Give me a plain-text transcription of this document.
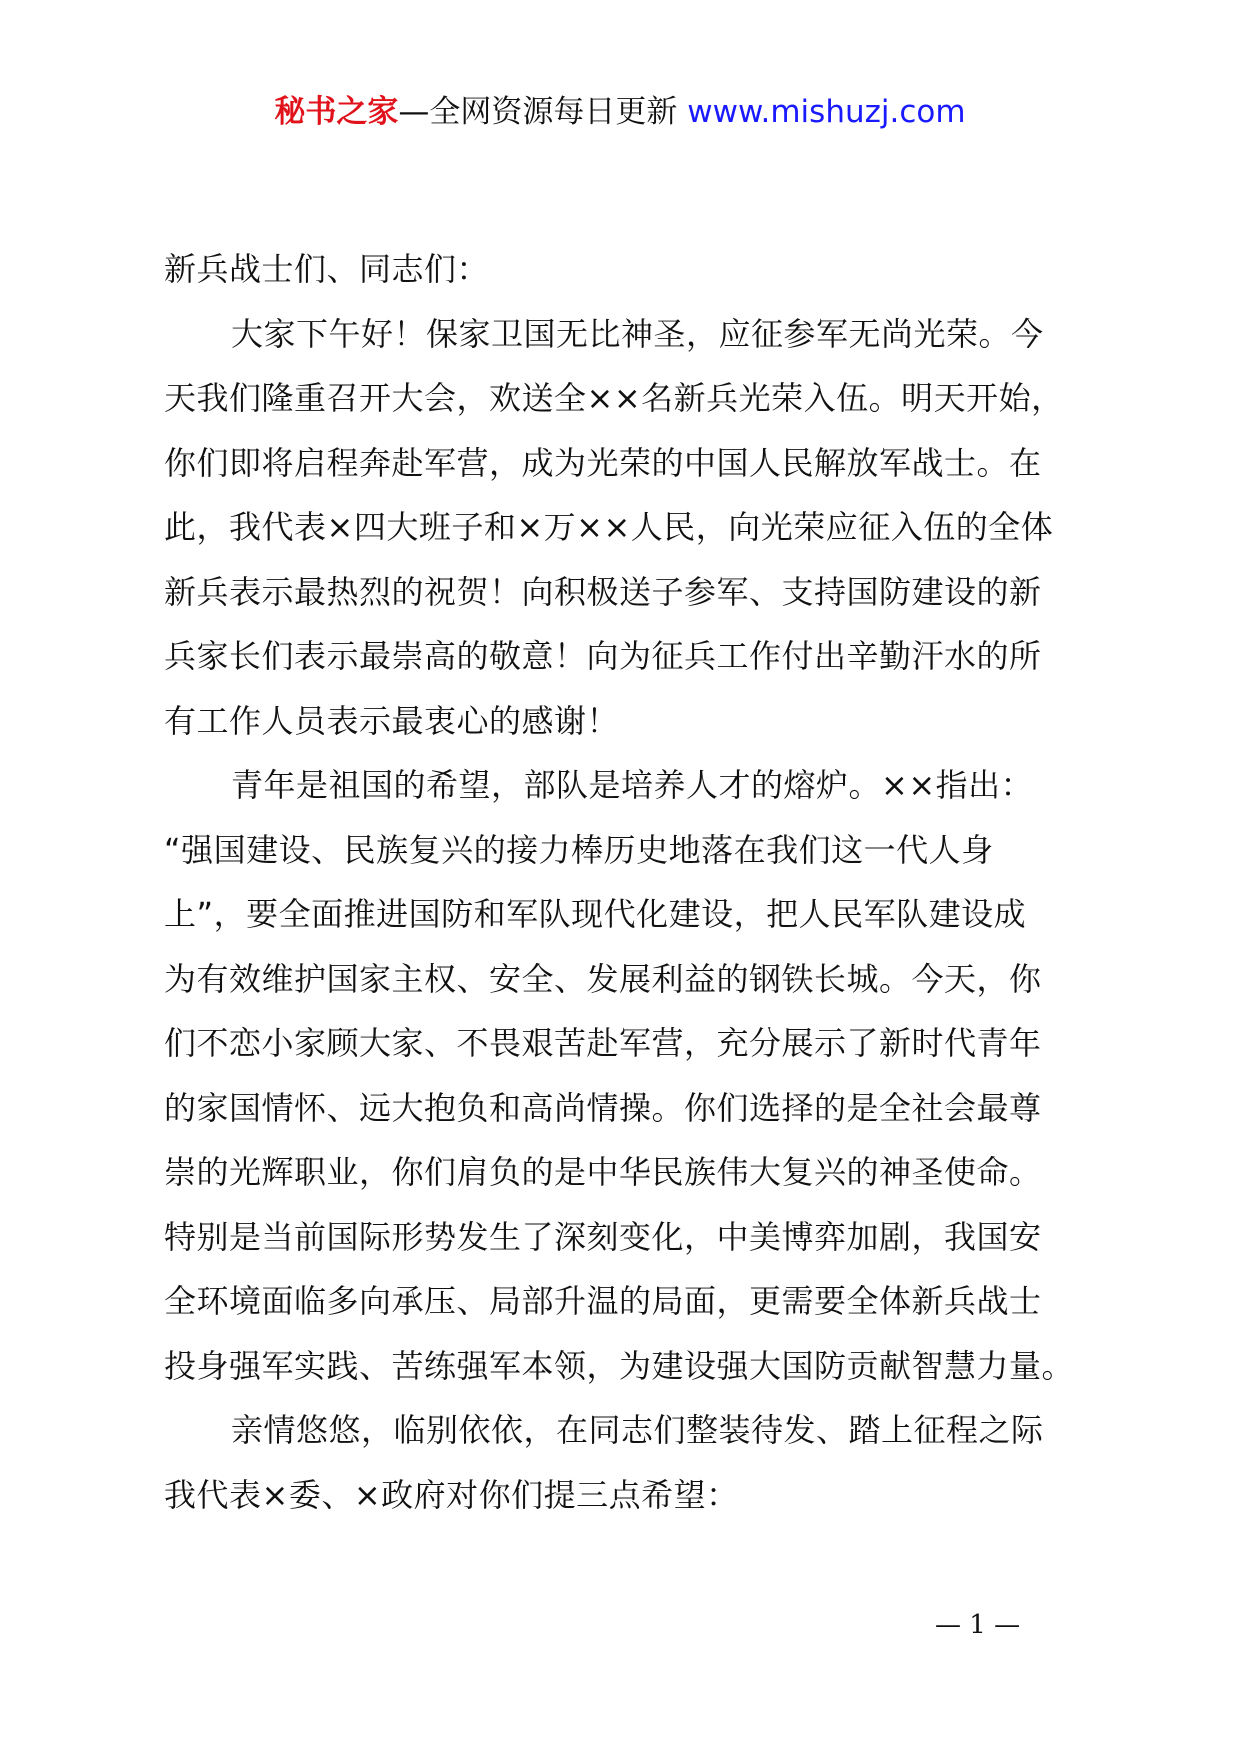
秘书之家—全网资源每日更新 www.mishuzj.com
新兵战士们、同志们：
大家下午好！保家卫国无比神圣，应征参军无尚光荣。今
天我们隆重召开大会，欢送全××名新兵光荣入伍。明天开始，
你们即将启程奔赴军营，成为光荣的中国人民解放军战士。在
此，我代表×四大班子和×万××人民，向光荣应征入伍的全体
新兵表示最热烈的祝贺！向积极送子参军、支持国防建设的新
兵家长们表示最崇高的敬意！向为征兵工作付出辛勤汗水的所
有工作人员表示最衷心的感谢！
青年是祖国的希望，部队是培养人才的熔炉。××指出：
“强国建设、民族复兴的接力棒历史地落在我们这一代人身
上”，要全面推进国防和军队现代化建设，把人民军队建设成
为有效维护国家主权、安全、发展利益的钢铁长城。今天，你
们不恋小家顾大家、不畏艰苦赴军营，充分展示了新时代青年
的家国情怀、远大抱负和高尚情操。你们选择的是全社会最尊
崇的光辉职业，你们肩负的是中华民族伟大复兴的神圣使命。
特别是当前国际形势发生了深刻变化，中美博弈加剧，我国安
全环境面临多向承压、局部升温的局面，更需要全体新兵战士
投身强军实践、苦练强军本领，为建设强大国防贡献智慧力量。
亲情悠悠，临别依依，在同志们整装待发、踏上征程之际
我代表×委、×政府对你们提三点希望：
— 1 —
